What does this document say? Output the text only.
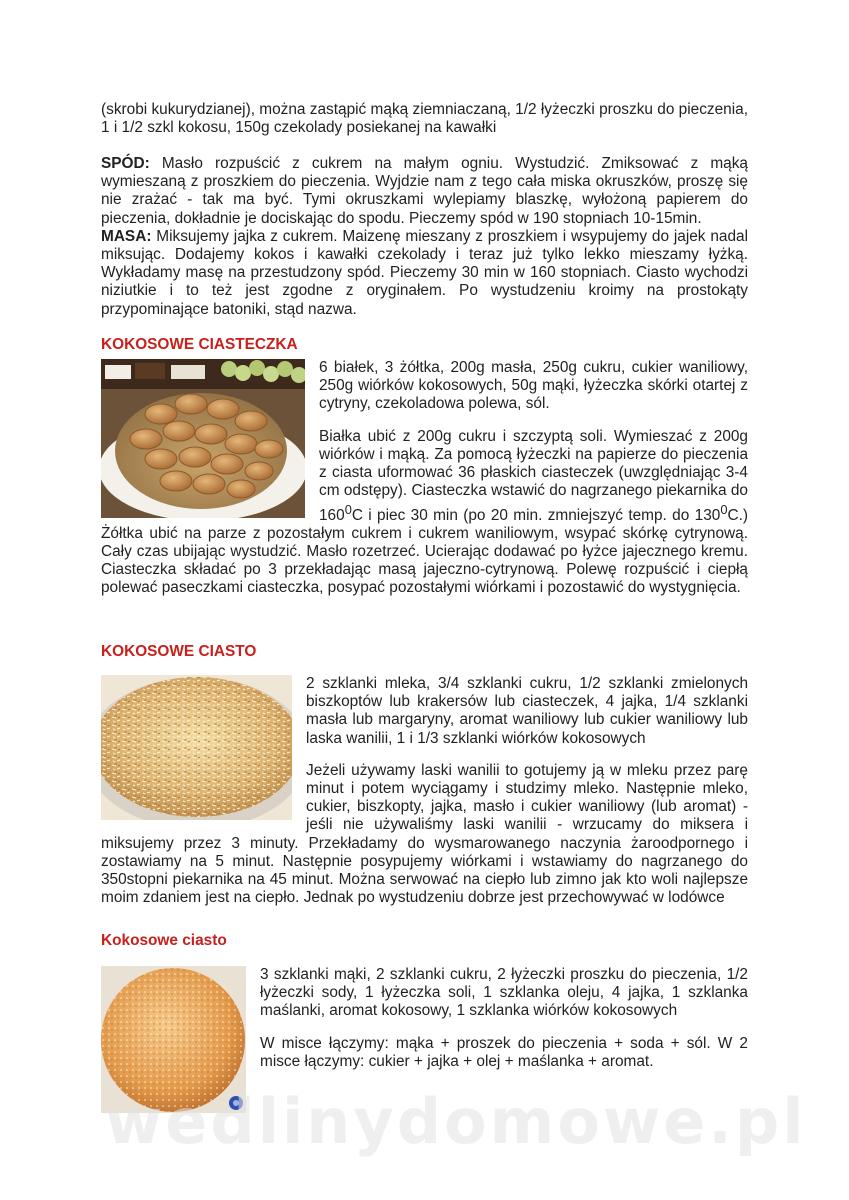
(skrobi kukurydzianej), można zastąpić mąką ziemniaczaną, 1/2 łyżeczki proszku do pieczenia, 1 i 1/2 szkl kokosu, 150g czekolady posiekanej na kawałki

SPÓD: Masło rozpuścić z cukrem na małym ogniu. Wystudzić. Zmiksować z mąką wymieszaną z proszkiem do pieczenia. Wyjdzie nam z tego cała miska okruszków, proszę się nie zrażać - tak ma być. Tymi okruszkami wylepiamy blaszkę, wyłożoną papierem do pieczenia, dokładnie je dociskając do spodu. Pieczemy spód w 190 stopniach 10-15min.
MASA: Miksujemy jajka z cukrem. Maizenę mieszany z proszkiem i wsypujemy do jajek nadal miksując. Dodajemy kokos i kawałki czekolady i teraz już tylko lekko mieszamy łyżką. Wykładamy masę na przestudzony spód. Pieczemy 30 min w 160 stopniach. Ciasto wychodzi niziutkie i to też jest zgodne z oryginałem. Po wystudzeniu kroimy na prostokąty przypominające batoniki, stąd nazwa.

KOKOSOWE CIASTECZKA
6 białek, 3 żółtka, 200g masła, 250g cukru, cukier waniliowy, 250g wiórków kokosowych, 50g mąki, łyżeczka skórki otartej z cytryny, czekoladowa polewa, sól.
Białka ubić z 200g cukru i szczyptą soli. Wymieszać z 200g wiórków i mąką. Za pomocą łyżeczki na papierze do pieczenia z ciasta uformować 36 płaskich ciasteczek (uwzględniając 3-4 cm odstępy). Ciasteczka wstawić do nagrzanego piekarnika do $160^0C$ i piec 30 min (po 20 min. zmniejszyć temp. do $130^0C$.) Żółtka ubić na parze z pozostałym cukrem i cukrem waniliowym, wsypać skórkę cytrynową. Cały czas ubijając wystudzić. Masło rozetrzeć. Ucierając dodawać po łyżce jajecznego kremu. Ciasteczka składać po 3 przekładając masą jajeczno-cytrynową. Polewę rozpuścić i ciepłą polewać paseczkami ciasteczka, posypać pozostałymi wiórkami i pozostawić do wystygnięcia.
KOKOSOWE CIASTO
2 szklanki mleka, 3/4 szklanki cukru, 1/2 szklanki zmielonych biszkoptów lub krakersów lub ciasteczek, 4 jajka, 1/4 szklanki masła lub margaryny, aromat waniliowy lub cukier waniliowy lub laska wanilii, 1 i 1/3 szklanki wiórków kokosowych
Jeżeli używamy laski wanilii to gotujemy ją w mleku przez parę minut i potem wyciągamy i studzimy mleko. Następnie mleko, cukier, biszkopty, jajka, masło i cukier waniliowy (lub aromat) - jeśli nie używaliśmy laski wanilii - wrzucamy do miksera i miksujemy przez 3 minuty. Przekładamy do wysmarowanego naczynia żaroodpornego i zostawiamy na 5 minut. Następnie posypujemy wiórkami i wstawiamy do nagrzanego do 350stopni piekarnika na 45 minut. Można serwować na ciepło lub zimno jak kto woli najlepsze moim zdaniem jest na ciepło. Jednak po wystudzeniu dobrze jest przechowywać w lodówce
Kokosowe ciasto
3 szklanki mąki, 2 szklanki cukru, 2 łyżeczki proszku do pieczenia, 1/2 łyżeczki sody, 1 łyżeczka soli, 1 szklanka oleju, 4 jajka, 1 szklanka maślanki, aromat kokosowy, 1 szklanka wiórków kokosowych
W misce łączymy: mąka + proszek do pieczenia + soda + sól. W 2 misce łączymy: cukier + jajka + olej + maślanka + aromat.
wedlinydomowe.pl
